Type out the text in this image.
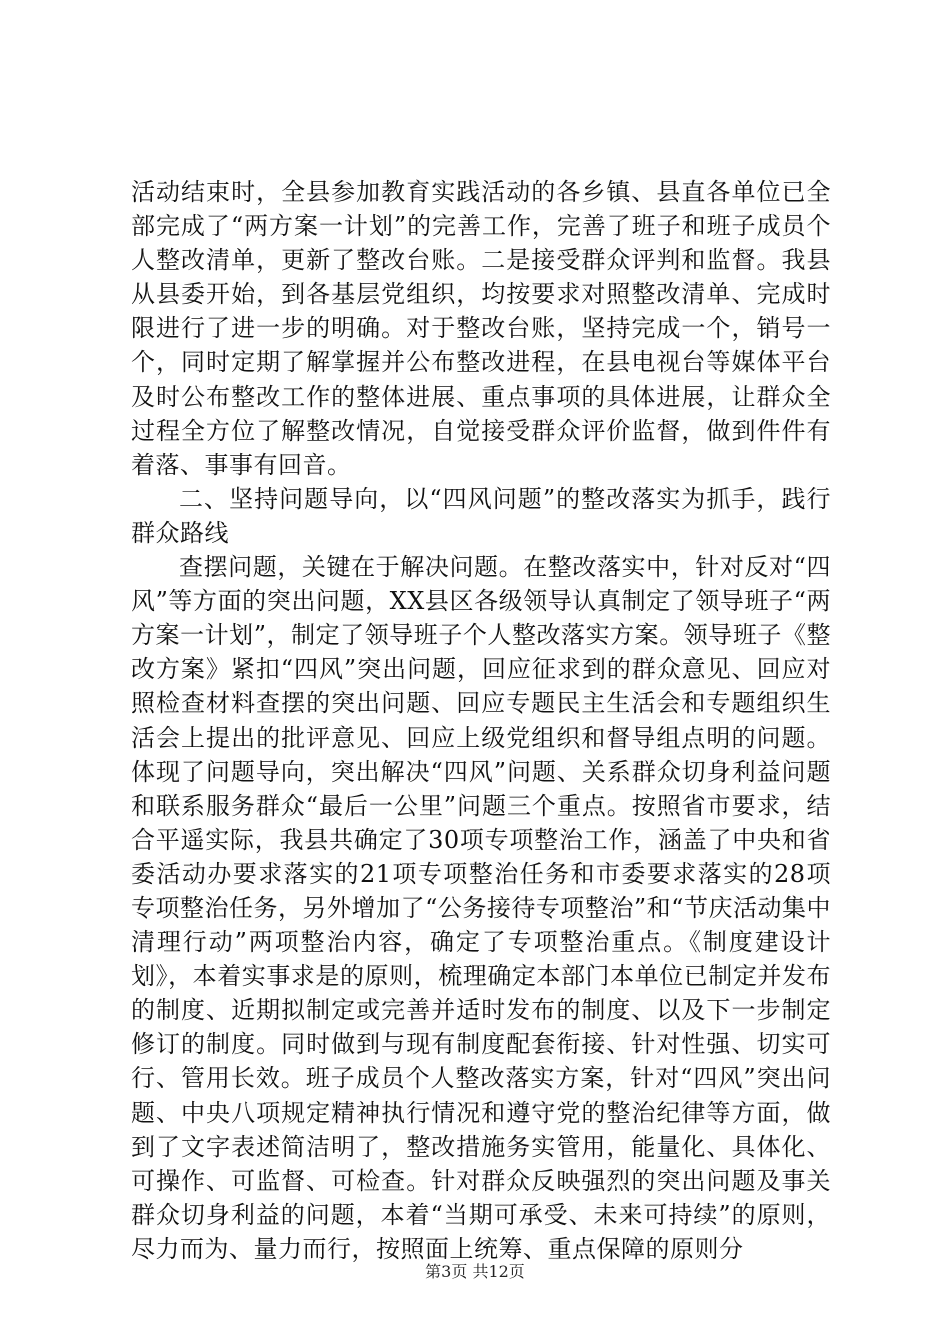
活动结束时，全县参加教育实践活动的各乡镇、县直各单位已全部完成了“两方案一计划”的完善工作，完善了班子和班子成员个人整改清单，更新了整改台账。二是接受群众评判和监督。我县从县委开始，到各基层党组织，均按要求对照整改清单、完成时限进行了进一步的明确。对于整改台账，坚持完成一个，销号一个，同时定期了解掌握并公布整改进程，在县电视台等媒体平台及时公布整改工作的整体进展、重点事项的具体进展，让群众全过程全方位了解整改情况，自觉接受群众评价监督，做到件件有着落、事事有回音。

二、坚持问题导向，以“四风问题”的整改落实为抓手，践行群众路线

查摆问题，关键在于解决问题。在整改落实中，针对反对“四风”等方面的突出问题，XX县区各级领导认真制定了领导班子“两方案一计划”，制定了领导班子个人整改落实方案。领导班子《整改方案》紧扣“四风”突出问题，回应征求到的群众意见、回应对照检查材料查摆的突出问题、回应专题民主生活会和专题组织生活会上提出的批评意见、回应上级党组织和督导组点明的问题。体现了问题导向，突出解决“四风”问题、关系群众切身利益问题和联系服务群众“最后一公里”问题三个重点。按照省市要求，结合平遥实际，我县共确定了30项专项整治工作，涵盖了中央和省委活动办要求落实的21项专项整治任务和市委要求落实的28项专项整治任务，另外增加了“公务接待专项整治”和“节庆活动集中清理行动”两项整治内容，确定了专项整治重点。《制度建设计划》，本着实事求是的原则，梳理确定本部门本单位已制定并发布的制度、近期拟制定或完善并适时发布的制度、以及下一步制定修订的制度。同时做到与现有制度配套衔接、针对性强、切实可行、管用长效。班子成员个人整改落实方案，针对“四风”突出问题、中央八项规定精神执行情况和遵守党的整治纪律等方面，做到了文字表述简洁明了，整改措施务实管用，能量化、具体化、可操作、可监督、可检查。针对群众反映强烈的突出问题及事关群众切身利益的问题，本着“当期可承受、未来可持续”的原则，尽力而为、量力而行，按照面上统筹、重点保障的原则分

第3页 共12页
